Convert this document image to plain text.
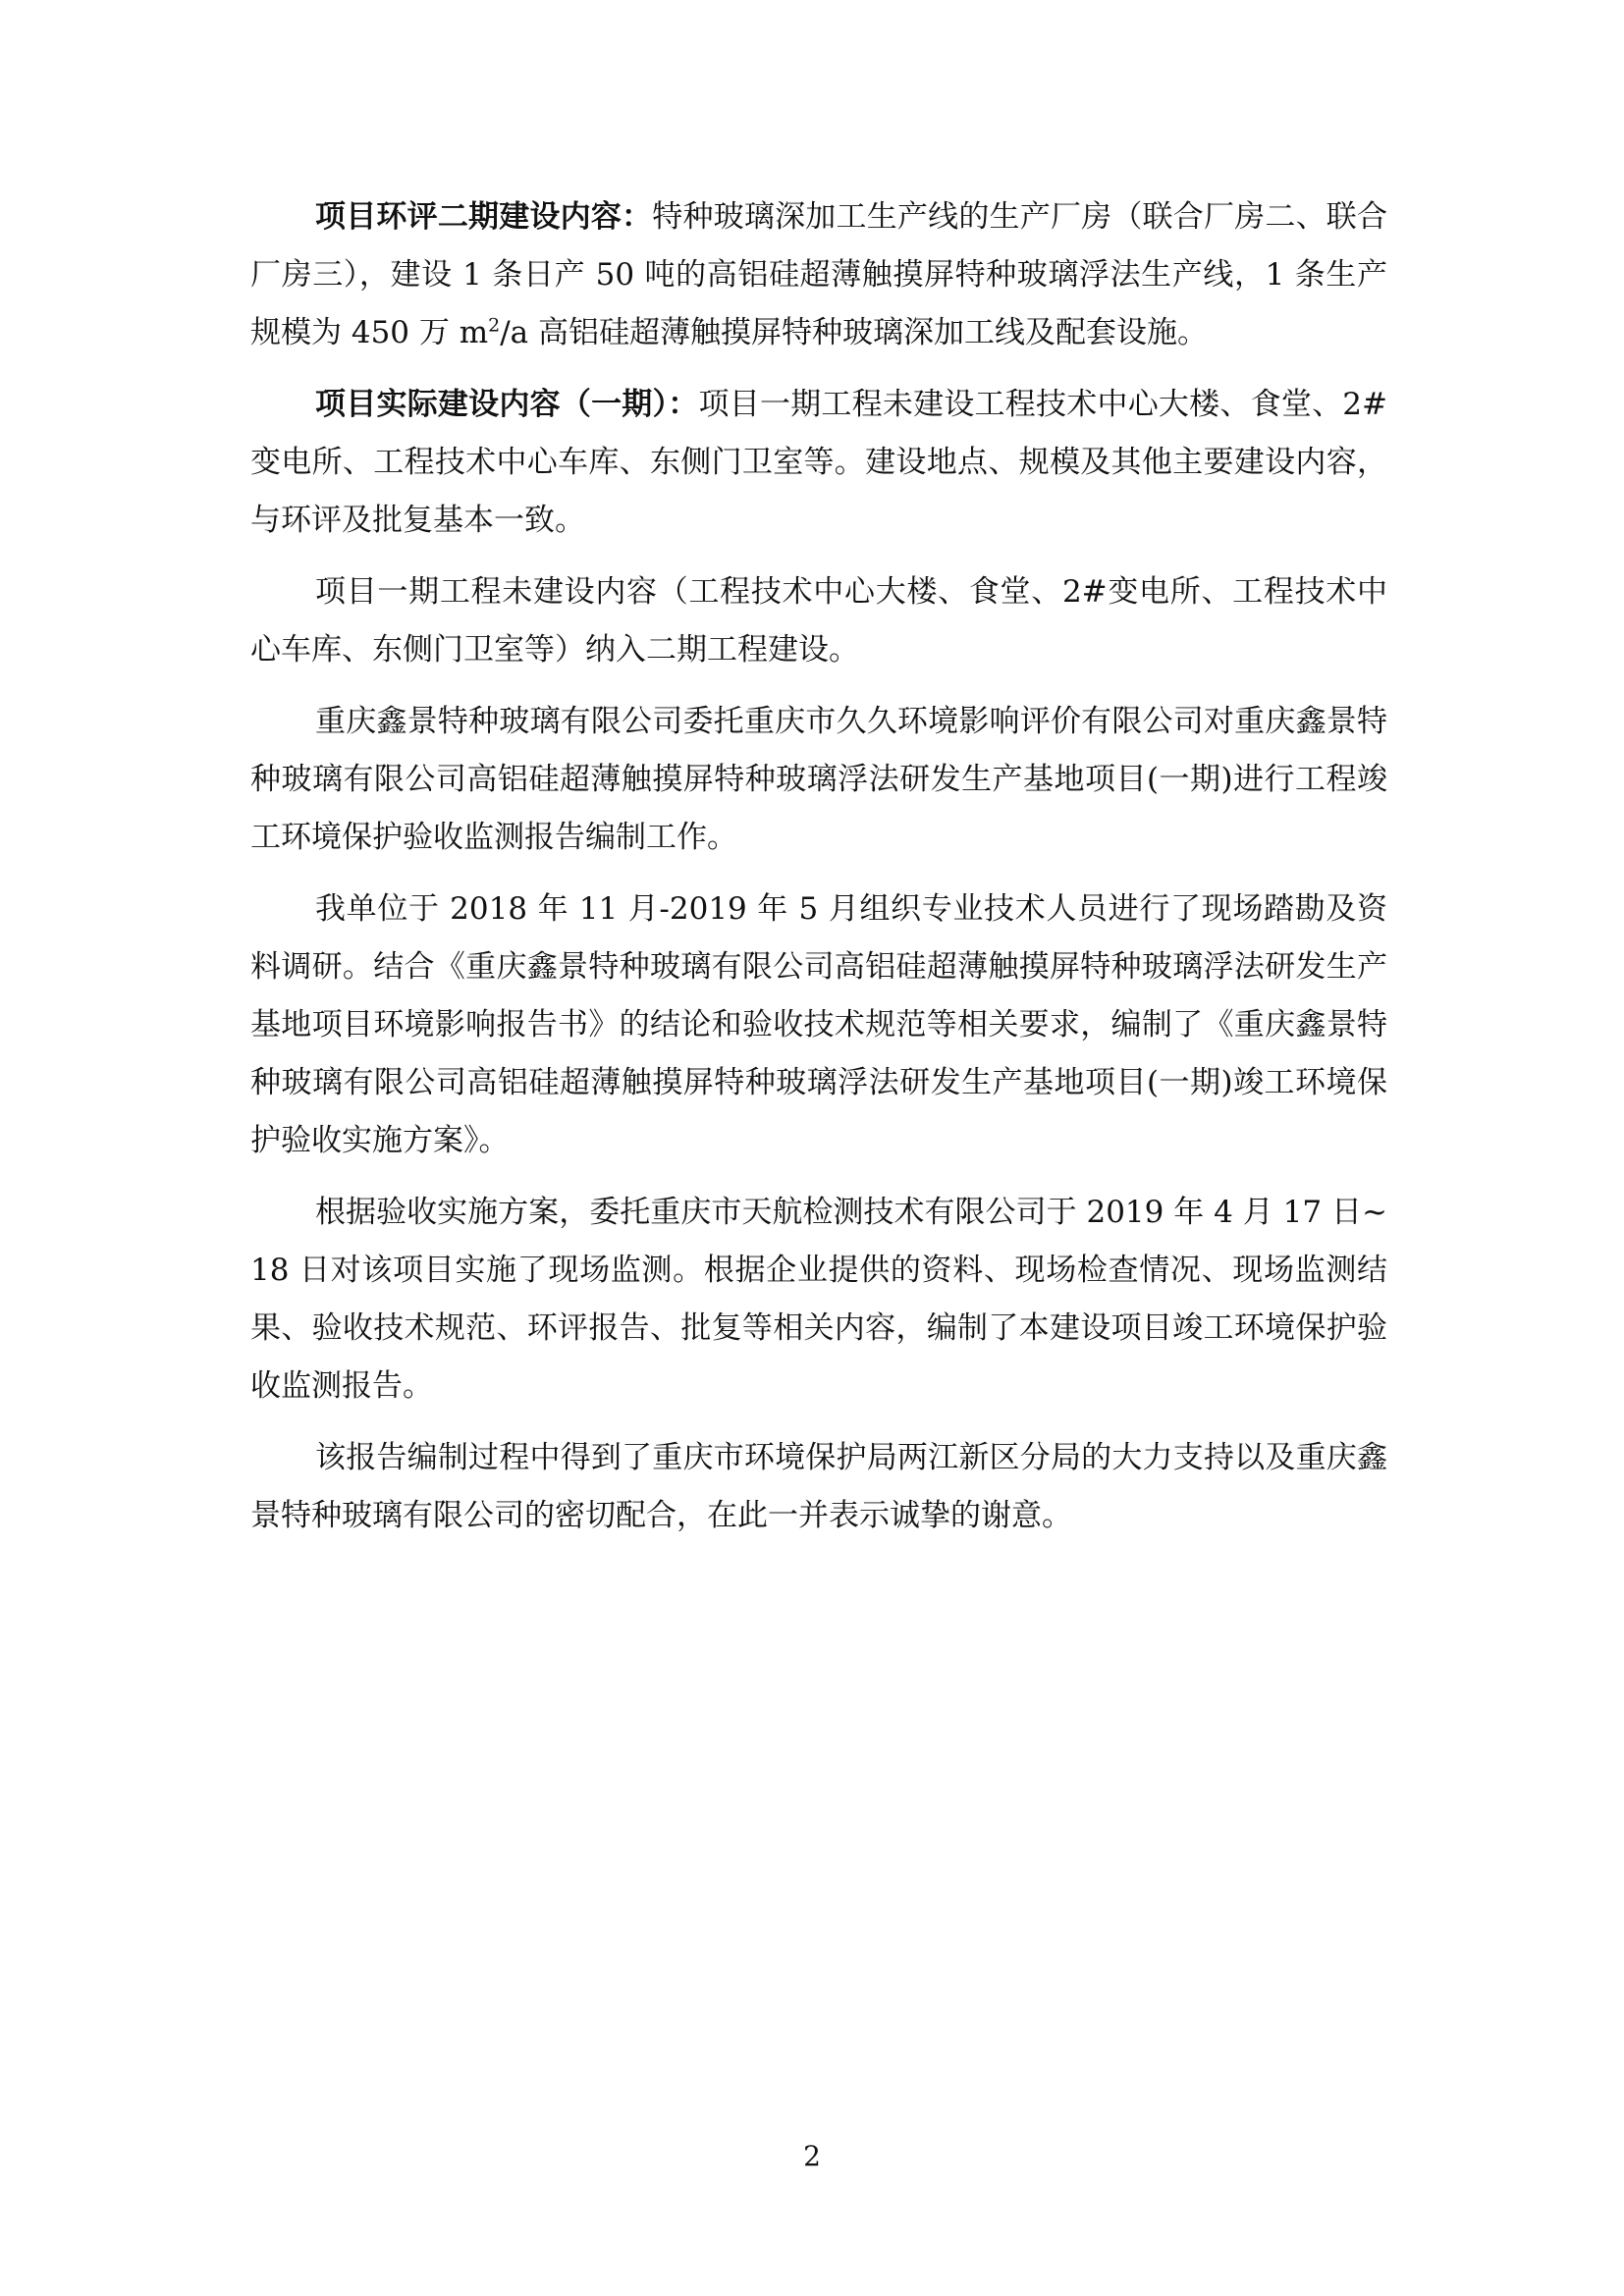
项目环评二期建设内容：特种玻璃深加工生产线的生产厂房（联合厂房二、联合厂房三），建设 1 条日产 50 吨的高铝硅超薄触摸屏特种玻璃浮法生产线，1 条生产规模为 450 万 $m^2/a$ 高铝硅超薄触摸屏特种玻璃深加工线及配套设施。

项目实际建设内容（一期）：项目一期工程未建设工程技术中心大楼、食堂、2#变电所、工程技术中心车库、东侧门卫室等。建设地点、规模及其他主要建设内容，与环评及批复基本一致。

项目一期工程未建设内容（工程技术中心大楼、食堂、2#变电所、工程技术中心车库、东侧门卫室等）纳入二期工程建设。

重庆鑫景特种玻璃有限公司委托重庆市久久环境影响评价有限公司对重庆鑫景特种玻璃有限公司高铝硅超薄触摸屏特种玻璃浮法研发生产基地项目(一期)进行工程竣工环境保护验收监测报告编制工作。

我单位于 2018 年 11 月-2019 年 5 月组织专业技术人员进行了现场踏勘及资料调研。结合《重庆鑫景特种玻璃有限公司高铝硅超薄触摸屏特种玻璃浮法研发生产基地项目环境影响报告书》的结论和验收技术规范等相关要求，编制了《重庆鑫景特种玻璃有限公司高铝硅超薄触摸屏特种玻璃浮法研发生产基地项目(一期)竣工环境保护验收实施方案》。

根据验收实施方案，委托重庆市天航检测技术有限公司于 2019 年 4 月 17 日~18 日对该项目实施了现场监测。根据企业提供的资料、现场检查情况、现场监测结果、验收技术规范、环评报告、批复等相关内容，编制了本建设项目竣工环境保护验收监测报告。

该报告编制过程中得到了重庆市环境保护局两江新区分局的大力支持以及重庆鑫景特种玻璃有限公司的密切配合，在此一并表示诚挚的谢意。

2
